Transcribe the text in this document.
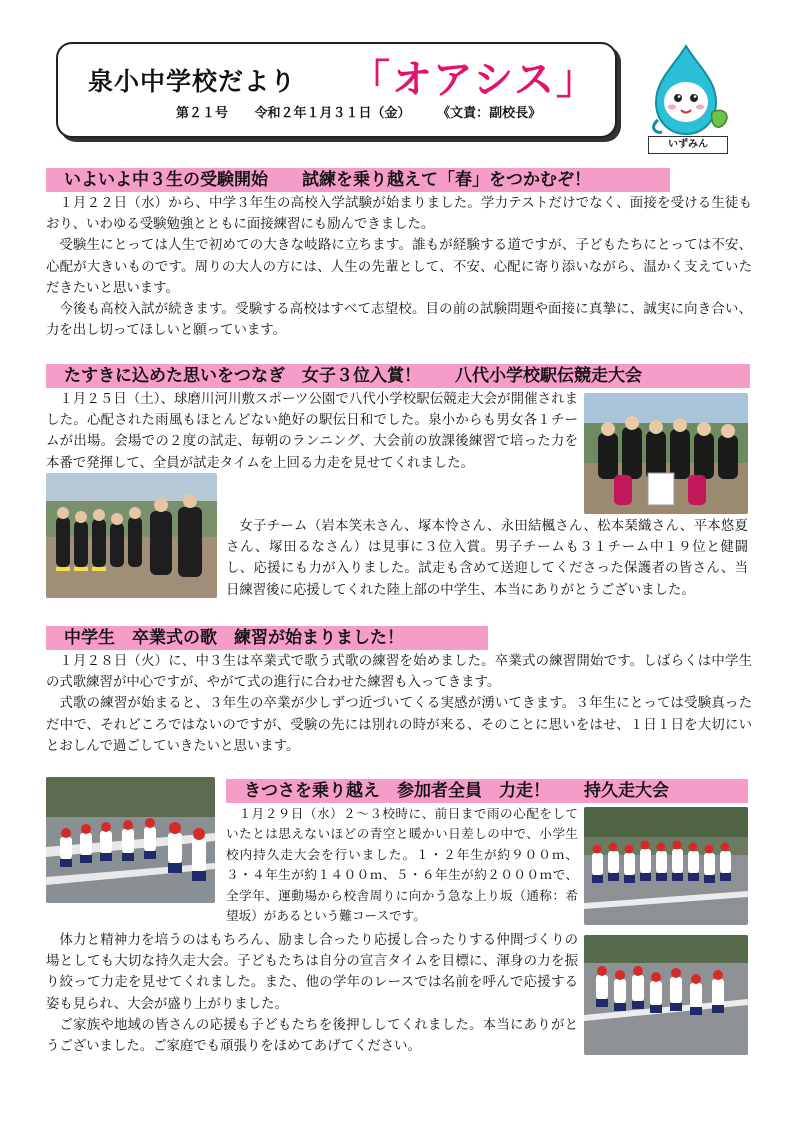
泉小中学校だより 「オアシス」
第２１号 令和２年１月３１日（金） 《文責：副校長》
いずみん
いよいよ中３生の受験開始 試練を乗り越えて「春」をつかむぞ！

１月２２日（水）から、中学３年生の高校入学試験が始まりました。学力テストだけでなく、面接を受ける生徒もおり、いわゆる受験勉強とともに面接練習にも励んできました。

受験生にとっては人生で初めての大きな岐路に立ちます。誰もが経験する道ですが、子どもたちにとっては不安、心配が大きいものです。周りの大人の方には、人生の先輩として、不安、心配に寄り添いながら、温かく支えていただきたいと思います。

今後も高校入試が続きます。受験する高校はすべて志望校。目の前の試験問題や面接に真摯に、誠実に向き合い、力を出し切ってほしいと願っています。

たすきに込めた思いをつなぎ　女子３位入賞！ 八代小学校駅伝競走大会

１月２５日（土）、球磨川河川敷スポーツ公園で八代小学校駅伝競走大会が開催されました。心配された雨風もほとんどない絶好の駅伝日和でした。泉小からも男女各１チームが出場。会場での２度の試走、毎朝のランニング、大会前の放課後練習で培った力を本番で発揮して、全員が試走タイムを上回る力走を見せてくれました。

女子チーム（岩本笑未さん、塚本怜さん、永田結楓さん、松本琹織さん、平本悠夏さん、塚田るなさん）は見事に３位入賞。男子チームも３１チーム中１９位と健闘し、応援にも力が入りました。試走も含めて送迎してくださった保護者の皆さん、当日練習後に応援してくれた陸上部の中学生、本当にありがとうございました。

中学生　卒業式の歌　練習が始まりました！

１月２８日（火）に、中３生は卒業式で歌う式歌の練習を始めました。卒業式の練習開始です。しばらくは中学生の式歌練習が中心ですが、やがて式の進行に合わせた練習も入ってきます。

式歌の練習が始まると、３年生の卒業が少しずつ近づいてくる実感が湧いてきます。３年生にとっては受験真っただ中で、それどころではないのですが、受験の先には別れの時が来る、そのことに思いをはせ、１日１日を大切にいとおしんで過ごしていきたいと思います。

きつさを乗り越え　参加者全員　力走！ 持久走大会

１月２９日（水）２～３校時に、前日まで雨の心配をしていたとは思えないほどの青空と暖かい日差しの中で、小学生校内持久走大会を行いました。１・２年生が約９００ｍ、３・４年生が約１４００ｍ、５・６年生が約２０００ｍで、全学年、運動場から校舎周りに向かう急な上り坂（通称：希望坂）があるという難コースです。

体力と精神力を培うのはもちろん、励まし合ったり応援し合ったりする仲間づくりの場としても大切な持久走大会。子どもたちは自分の宣言タイムを目標に、渾身の力を振り絞って力走を見せてくれました。また、他の学年のレースでは名前を呼んで応援する姿も見られ、大会が盛り上がりました。

ご家族や地域の皆さんの応援も子どもたちを後押ししてくれました。本当にありがとうございました。ご家庭でも頑張りをほめてあげてください。
